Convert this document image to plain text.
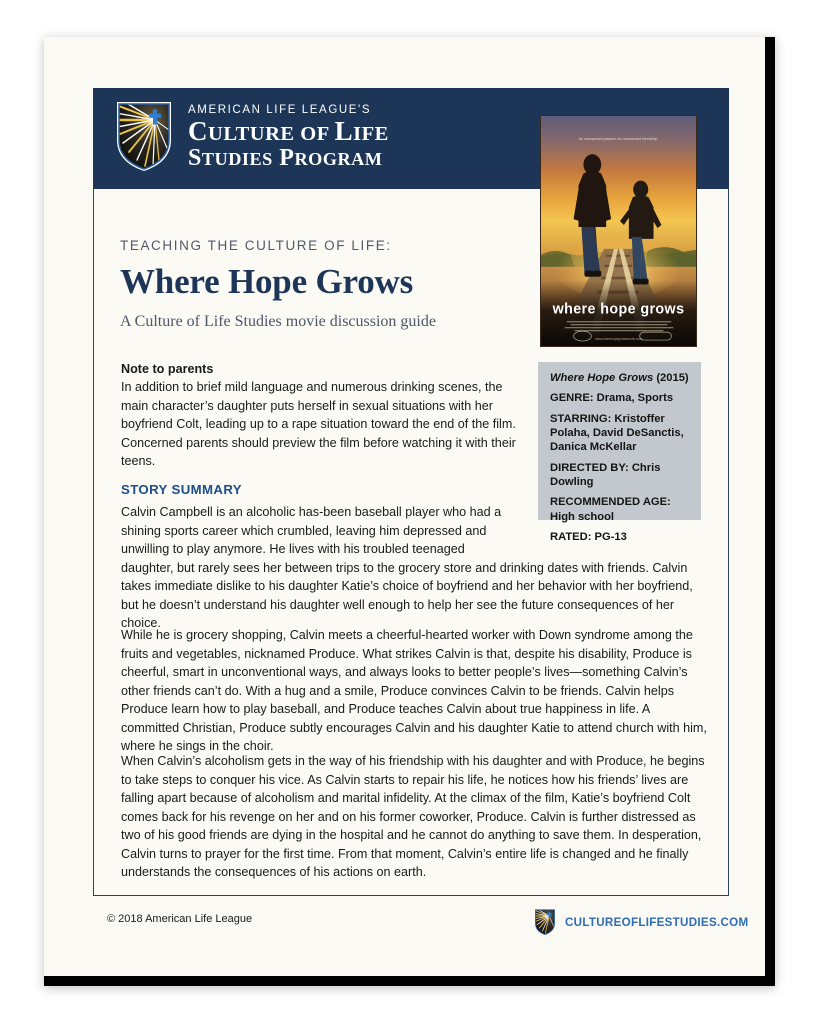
AMERICAN LIFE LEAGUE'S
CULTURE OF LIFE
STUDIES PROGRAM
An unexpected passion. An unexpected friendship.
where hope grows
www.wherehopegrowsmovie.com
TEACHING THE CULTURE OF LIFE:
Where Hope Grows
A Culture of Life Studies movie discussion guide
Note to parents
In addition to brief mild language and numerous drinking scenes, the main character’s daughter puts herself in sexual situations with her boyfriend Colt, leading up to a rape situation toward the end of the film. Concerned parents should preview the film before watching it with their teens.
Where Hope Grows (2015)
GENRE: Drama, Sports
STARRING: Kristoffer Polaha, David DeSanctis, Danica McKellar
DIRECTED BY: Chris Dowling
RECOMMENDED AGE: High school
RATED: PG-13
STORY SUMMARY
Calvin Campbell is an alcoholic has-been baseball player who had a shining sports career which crumbled, leaving him depressed and unwilling to play anymore. He lives with his troubled teenaged
daughter, but rarely sees her between trips to the grocery store and drinking dates with friends. Calvin takes immediate dislike to his daughter Katie’s choice of boyfriend and her behavior with her boyfriend, but he doesn’t understand his daughter well enough to help her see the future consequences of her choice.
While he is grocery shopping, Calvin meets a cheerful-hearted worker with Down syndrome among the fruits and vegetables, nicknamed Produce. What strikes Calvin is that, despite his disability, Produce is cheerful, smart in unconventional ways, and always looks to better people’s lives—something Calvin’s other friends can’t do. With a hug and a smile, Produce convinces Calvin to be friends. Calvin helps Produce learn how to play baseball, and Produce teaches Calvin about true happiness in life. A committed Christian, Produce subtly encourages Calvin and his daughter Katie to attend church with him, where he sings in the choir.
When Calvin’s alcoholism gets in the way of his friendship with his daughter and with Produce, he begins to take steps to conquer his vice. As Calvin starts to repair his life, he notices how his friends’ lives are falling apart because of alcoholism and marital infidelity. At the climax of the film, Katie’s boyfriend Colt comes back for his revenge on her and on his former coworker, Produce. Calvin is further distressed as two of his good friends are dying in the hospital and he cannot do anything to save them. In desperation, Calvin turns to prayer for the first time. From that moment, Calvin’s entire life is changed and he finally understands the consequences of his actions on earth.
© 2018 American Life League	CULTUREOFLIFESTUDIES.COM
